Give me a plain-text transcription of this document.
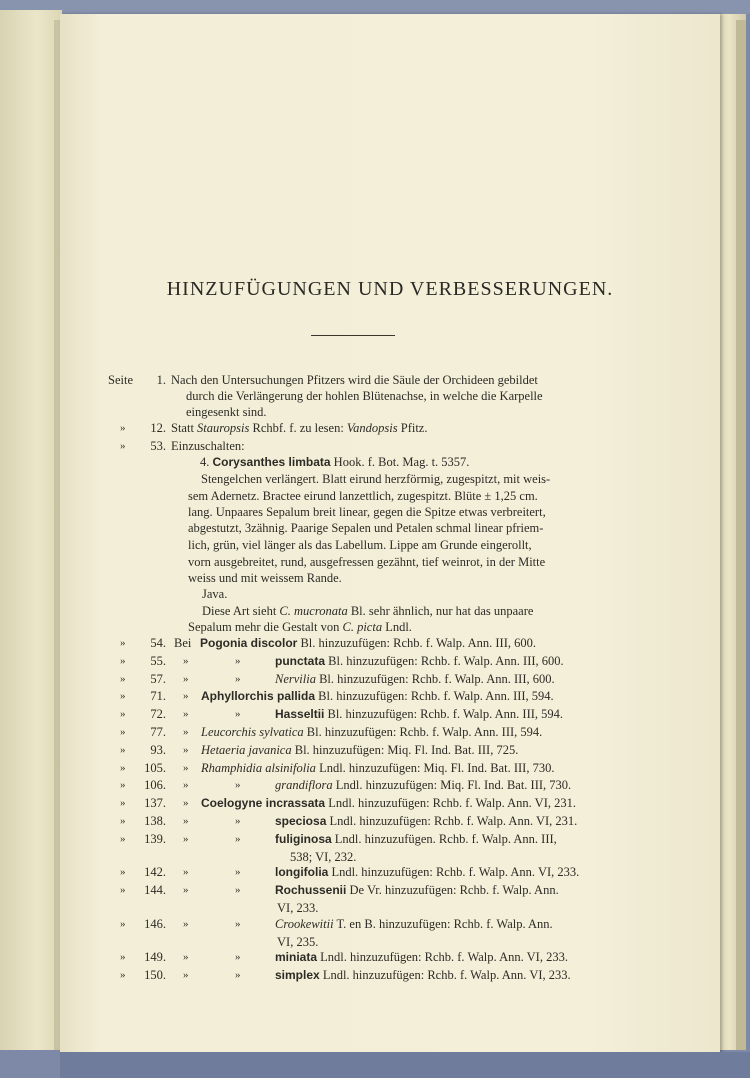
HINZUFÜGUNGEN UND VERBESSERUNGEN.
Seite	1. Nach den Untersuchungen Pfitzers wird die Säule der Orchideen gebildet
durch die Verlängerung der hohlen Blütenachse, in welche die Karpelle
eingesenkt sind.
»	12. Statt Stauropsis Rchbf. f. zu lesen: Vandopsis Pfitz.
»	53. Einzuschalten:
4. Corysanthes limbata Hook. f. Bot. Mag. t. 5357.
Stengelchen verlängert. Blatt eirund herzförmig, zugespitzt, mit weis-
sem Adernetz. Bractee eirund lanzettlich, zugespitzt. Blüte ± 1,25 cm.
lang. Unpaares Sepalum breit linear, gegen die Spitze etwas verbreitert,
abgestutzt, 3zähnig. Paarige Sepalen und Petalen schmal linear pfriem-
lich, grün, viel länger als das Labellum. Lippe am Grunde eingerollt,
vorn ausgebreitet, rund, ausgefressen gezähnt, tief weinrot, in der Mitte
weiss und mit weissem Rande.
Java.
Diese Art sieht C. mucronata Bl. sehr ähnlich, nur hat das unpaare
Sepalum mehr die Gestalt von C. picta Lndl.
»	54. Bei Pogonia discolor Bl. hinzuzufügen: Rchb. f. Walp. Ann. III, 600.
»	55. »	»	punctata Bl. hinzuzufügen: Rchb. f. Walp. Ann. III, 600.
»	57. »	»	Nervilia Bl. hinzuzufügen: Rchb. f. Walp. Ann. III, 600.
»	71. » Aphyllorchis pallida Bl. hinzuzufügen: Rchb. f. Walp. Ann. III, 594.
»	72. »	»	Hasseltii Bl. hinzuzufügen: Rchb. f. Walp. Ann. III, 594.
»	77. » Leucorchis sylvatica Bl. hinzuzufügen: Rchb. f. Walp. Ann. III, 594.
»	93. » Hetaeria javanica Bl. hinzuzufügen: Miq. Fl. Ind. Bat. III, 725.
»	105. » Rhamphidia alsinifolia Lndl. hinzuzufügen: Miq. Fl. Ind. Bat. III, 730.
»	106. »	»	grandiflora Lndl. hinzuzufügen: Miq. Fl. Ind. Bat. III, 730.
»	137. » Coelogyne incrassata Lndl. hinzuzufügen: Rchb. f. Walp. Ann. VI, 231.
»	138. »	»	speciosa Lndl. hinzuzufügen: Rchb. f. Walp. Ann. VI, 231.
»	139. »	»	fuliginosa Lndl. hinzuzufügen. Rchb. f. Walp. Ann. III,
538; VI, 232.
»	142. »	»	longifolia Lndl. hinzuzufügen: Rchb. f. Walp. Ann. VI, 233.
»	144. »	»	Rochussenii De Vr. hinzuzufügen: Rchb. f. Walp. Ann.
VI, 233.
»	146. »	»	Crookewitii T. en B. hinzuzufügen: Rchb. f. Walp. Ann.
VI, 235.
»	149. »	»	miniata Lndl. hinzuzufügen: Rchb. f. Walp. Ann. VI, 233.
»	150. »	»	simplex Lndl. hinzuzufügen: Rchb. f. Walp. Ann. VI, 233.
